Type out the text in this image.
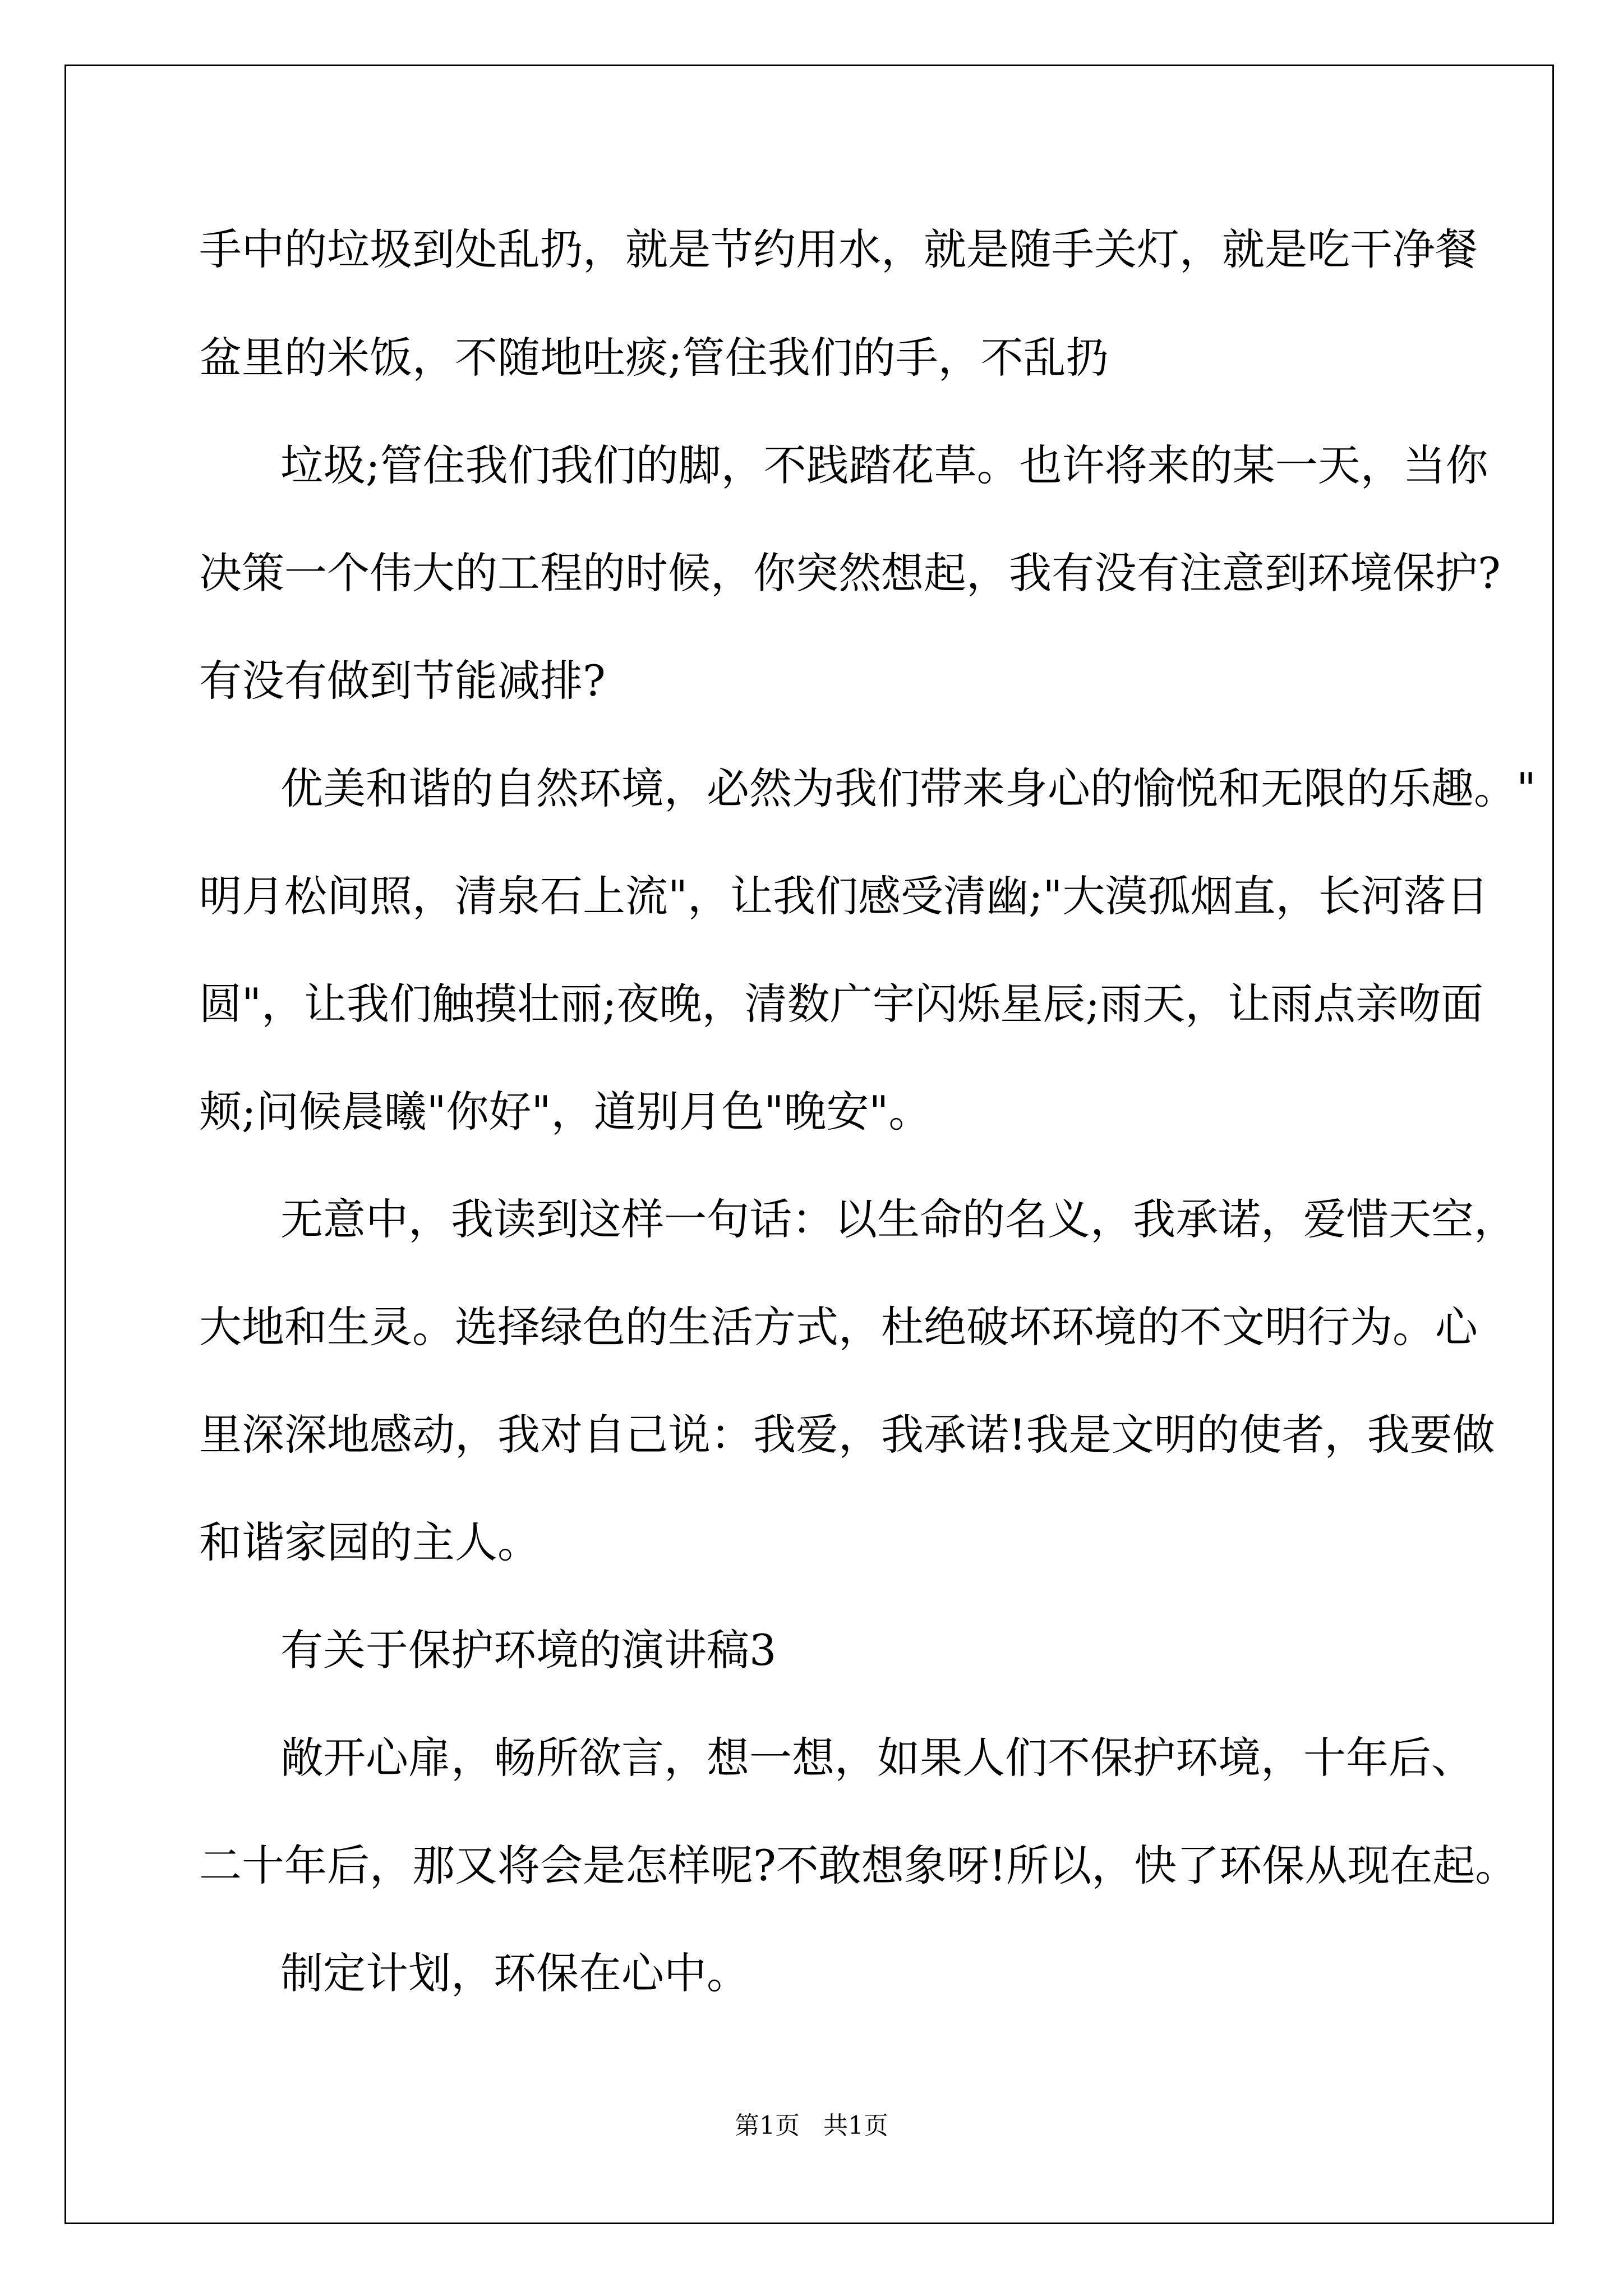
手中的垃圾到处乱扔，就是节约用水，就是随手关灯，就是吃干净餐

盆里的米饭，不随地吐痰;管住我们的手，不乱扔

垃圾;管住我们我们的脚，不践踏花草。也许将来的某一天，当你

决策一个伟大的工程的时候，你突然想起，我有没有注意到环境保护?

有没有做到节能减排?

优美和谐的自然环境，必然为我们带来身心的愉悦和无限的乐趣。"

明月松间照，清泉石上流"，让我们感受清幽;"大漠孤烟直，长河落日

圆"，让我们触摸壮丽;夜晚，清数广宇闪烁星辰;雨天，让雨点亲吻面

颊;问候晨曦"你好"，道别月色"晚安"。

无意中，我读到这样一句话：以生命的名义，我承诺，爱惜天空，

大地和生灵。选择绿色的生活方式，杜绝破坏环境的不文明行为。心

里深深地感动，我对自己说：我爱，我承诺!我是文明的使者，我要做

和谐家园的主人。

有关于保护环境的演讲稿3

敞开心扉，畅所欲言，想一想，如果人们不保护环境，十年后、

二十年后，那又将会是怎样呢?不敢想象呀!所以，快了环保从现在起。

制定计划，环保在心中。

第1页   共1页
